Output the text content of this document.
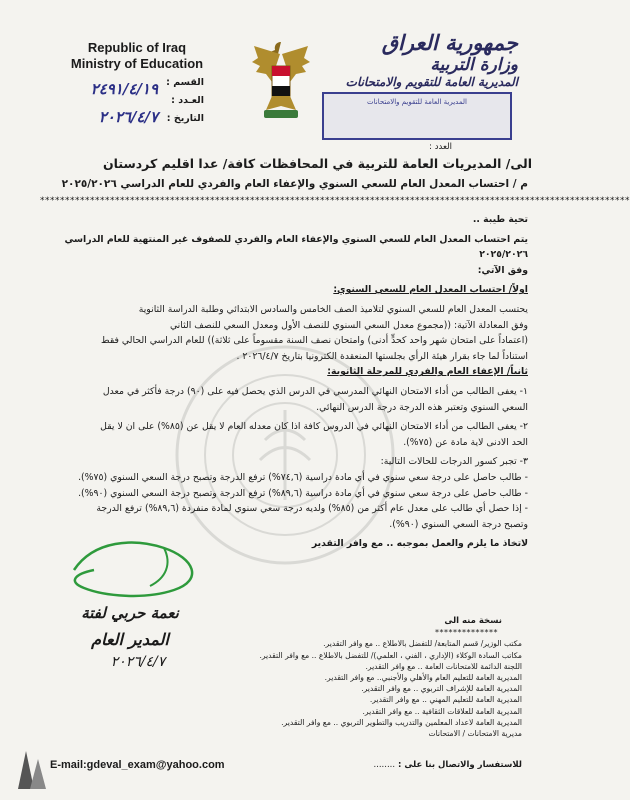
Republic of Iraq
Ministry of Education
القسم :
العـدد :
٢٤٩١/٤/١٩
التاريخ :
٢٠٢٦/٤/٧
جمهورية العراق
وزارة التربية
المديرية العامة للتقويم والامتحانات
المديرية العامة للتقويم والامتحانات
العدد :
الى/ المديريات العامة للتربية في المحافظات كافة/ عدا اقليم كردستان
م / احتساب المعدل العام للسعي السنوي والإعفاء العام والفردي للعام الدراسي ٢٠٢٥/٢٠٢٦
**********************************************************************************************************************

تحية طيبة ..

يتم احتساب المعدل العام للسعي السنوي والإعفاء العام والفردي للصفوف غير المنتهية للعام الدراسي ٢٠٢٥/٢٠٢٦

وفق الآتي:

اولاً/ احتساب المعدل العام للسعي السنوي:

يحتسب المعدل العام للسعي السنوي لتلاميذ الصف الخامس والسادس الابتدائي وطلبة الدراسة الثانوية

وفق المعادلة الآتية: ((مجموع معدل السعي السنوي للنصف الأول ومعدل السعي للنصف الثاني

(اعتماداً على امتحان شهر واحد كحدٍّ أدنى) وامتحان نصف السنة مقسوماً على ثلاثة)) للعام الدراسي الحالي فقط

استناداً لما جاء بقرار هيئة الرأي بجلستها المنعقدة الكترونيا بتاريخ ٢٠٢٦/٤/٧ .

ثانياً/ الإعفاء العام والفردي للمرحلة الثانوية:

١- يعفى الطالب من أداء الامتحان النهائي المدرسي في الدرس الذي يحصل فيه على (٩٠) درجة فأكثر في معدل

السعي السنوي وتعتبر هذه الدرجة درجة الدرس النهائي.

٢- يعفى الطالب من أداء الامتحان النهائي في الدروس كافة اذا كان معدله العام لا يقل عن (٨٥%) على ان لا يقل

الحد الادنى لاية مادة عن (٧٥%).

٣- تجبر كسور الدرجات للحالات التالية:

- طالب حاصل على درجة سعي سنوي في أي مادة دراسية (٧٤,٦%) ترفع الدرجة وتصبح درجة السعي السنوي (٧٥%).

- طالب حاصل على درجة سعي سنوي في أي مادة دراسية (٨٩,٦%) ترفع الدرجة وتصبح درجة السعي السنوي (٩٠%).

- إذا حصل أي طالب على معدل عام أكثر من (٨٥%) ولديه درجة سعي سنوي لمادة منفردة (٨٩,٦%) ترفع الدرجة

وتصبح درجة السعي السنوي (٩٠%).

لاتخاذ ما يلزم والعمل بموجبه .. مع وافر التقدير

نعمة حربي لفتة
المدير العام
٢٠٢٦/٤/٧
نسخة منه الى
**************
مكتب الوزير/ قسم المتابعة/ للتفضل بالاطلاع .. مع وافر التقدير.
مكاتب السادة الوكلاء (الإداري ، الفني ، العلمي)/ للتفضل بالاطلاع .. مع وافر التقدير.
اللجنة الدائمة للامتحانات العامة .. مع وافر التقدير.
المديرية العامة للتعليم العام والأهلي والأجنبي.. مع وافر التقدير.
المديرية العامة للإشراف التربوي .. مع وافر التقدير.
المديرية العامة للتعليم المهني .. مع وافر التقدير.
المديرية العامة للعلاقات الثقافية .. مع وافر التقدير.
المديرية العامة لاعداد المعلمين والتدريب والتطوير التربوي .. مع وافر التقدير.
مديرية الامتحانات / الامتحانات
E-mail:gdeval_exam@yahoo.com	للاستفسار والاتصال بنا على : ........
